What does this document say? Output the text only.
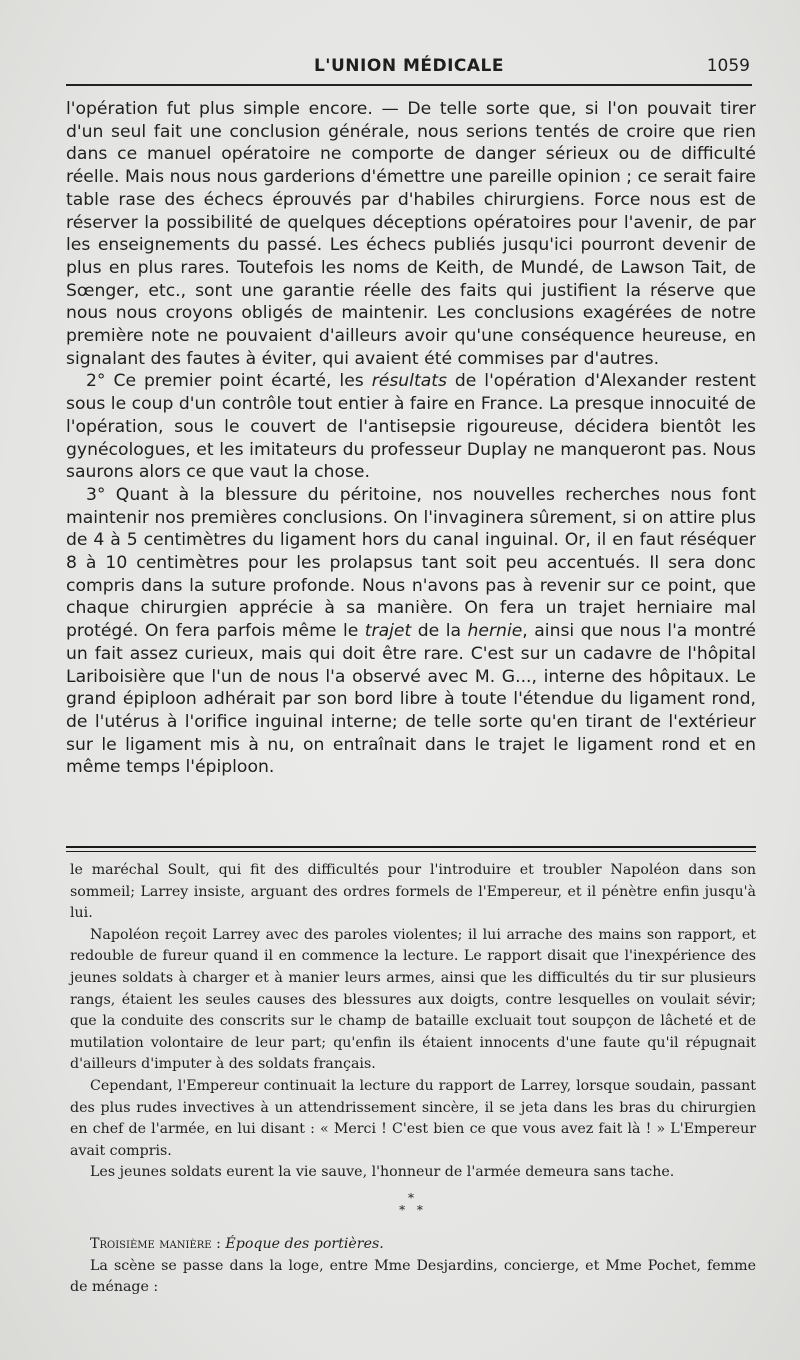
L'UNION MÉDICALE	1059

l'opération fut plus simple encore. — De telle sorte que, si l'on pouvait tirer d'un seul fait une conclusion générale, nous serions tentés de croire que rien dans ce manuel opératoire ne comporte de danger sérieux ou de difficulté réelle. Mais nous nous garderions d'émettre une pareille opinion ; ce serait faire table rase des échecs éprouvés par d'habiles chirurgiens. Force nous est de réserver la possibilité de quelques déceptions opératoires pour l'avenir, de par les enseignements du passé. Les échecs publiés jusqu'ici pourront devenir de plus en plus rares. Toutefois les noms de Keith, de Mundé, de Lawson Tait, de Sœnger, etc., sont une garantie réelle des faits qui justifient la réserve que nous nous croyons obligés de maintenir. Les conclusions exagérées de notre première note ne pouvaient d'ailleurs avoir qu'une conséquence heureuse, en signalant des fautes à éviter, qui avaient été commises par d'autres.

2° Ce premier point écarté, les résultats de l'opération d'Alexander restent sous le coup d'un contrôle tout entier à faire en France. La presque innocuité de l'opération, sous le couvert de l'antisepsie rigoureuse, décidera bientôt les gynécologues, et les imitateurs du professeur Duplay ne manqueront pas. Nous saurons alors ce que vaut la chose.

3° Quant à la blessure du péritoine, nos nouvelles recherches nous font maintenir nos premières conclusions. On l'invaginera sûrement, si on attire plus de 4 à 5 centimètres du ligament hors du canal inguinal. Or, il en faut réséquer 8 à 10 centimètres pour les prolapsus tant soit peu accentués. Il sera donc compris dans la suture profonde. Nous n'avons pas à revenir sur ce point, que chaque chirurgien apprécie à sa manière. On fera un trajet herniaire mal protégé. On fera parfois même le trajet de la hernie, ainsi que nous l'a montré un fait assez curieux, mais qui doit être rare. C'est sur un cadavre de l'hôpital Lariboisière que l'un de nous l'a observé avec M. G..., interne des hôpitaux. Le grand épiploon adhérait par son bord libre à toute l'étendue du ligament rond, de l'utérus à l'orifice inguinal interne; de telle sorte qu'en tirant de l'extérieur sur le ligament mis à nu, on entraînait dans le trajet le ligament rond et en même temps l'épiploon.

le maréchal Soult, qui fit des difficultés pour l'introduire et troubler Napoléon dans son sommeil; Larrey insiste, arguant des ordres formels de l'Empereur, et il pénètre enfin jusqu'à lui.

Napoléon reçoit Larrey avec des paroles violentes; il lui arrache des mains son rapport, et redouble de fureur quand il en commence la lecture. Le rapport disait que l'inexpérience des jeunes soldats à charger et à manier leurs armes, ainsi que les difficultés du tir sur plusieurs rangs, étaient les seules causes des blessures aux doigts, contre lesquelles on voulait sévir; que la conduite des conscrits sur le champ de bataille excluait tout soupçon de lâcheté et de mutilation volontaire de leur part; qu'enfin ils étaient innocents d'une faute qu'il répugnait d'ailleurs d'imputer à des soldats français.

Cependant, l'Empereur continuait la lecture du rapport de Larrey, lorsque soudain, passant des plus rudes invectives à un attendrissement sincère, il se jeta dans les bras du chirurgien en chef de l'armée, en lui disant : « Merci ! C'est bien ce que vous avez fait là ! » L'Empereur avait compris.

Les jeunes soldats eurent la vie sauve, l'honneur de l'armée demeura sans tache.

*
* *

Troisième manière : Époque des portières.

La scène se passe dans la loge, entre Mme Desjardins, concierge, et Mme Pochet, femme de ménage :
